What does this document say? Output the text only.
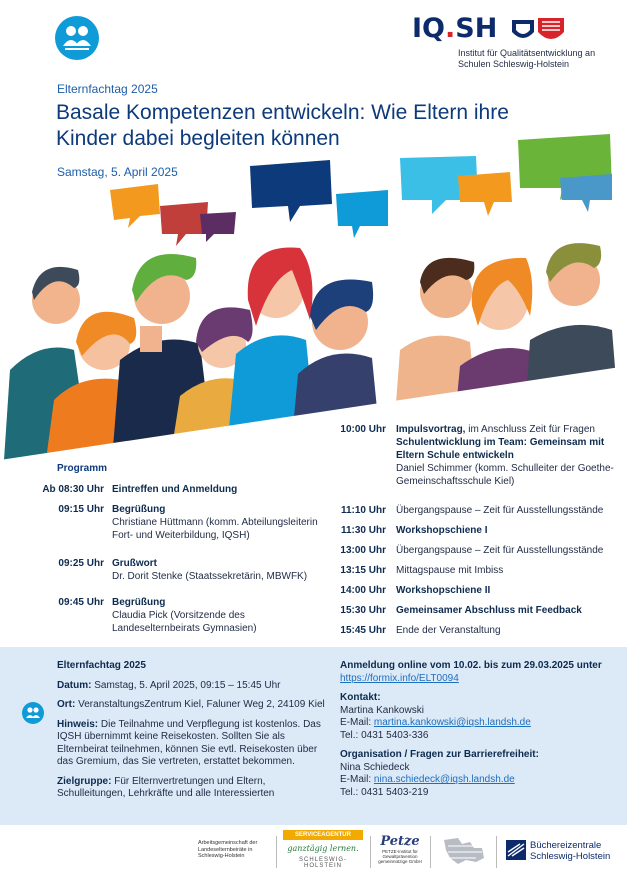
IQ.SH
Institut für Qualitätsentwicklung an Schulen Schleswig-Holstein
Elternfachtag 2025
Basale Kompetenzen entwickeln: Wie Eltern ihre Kinder dabei begleiten können
Samstag, 5. April 2025
Programm
Ab 08:30 Uhr Eintreffen und Anmeldung
09:15 Uhr Begrüßung
Christiane Hüttmann (komm. Abteilungsleiterin Fort- und Weiterbildung, IQSH)
09:25 Uhr Grußwort
Dr. Dorit Stenke (Staatssekretärin, MBWFK)
09:45 Uhr Begrüßung
Claudia Pick (Vorsitzende des Landeselternbeirats Gymnasien)
10:00 Uhr Impulsvortrag, im Anschluss Zeit für Fragen
Schulentwicklung im Team: Gemeinsam mit Eltern Schule entwickeln
Daniel Schimmer (komm. Schulleiter der Goethe-Gemeinschaftsschule Kiel)
11:10 Uhr Übergangspause – Zeit für Ausstellungsstände
11:30 Uhr Workshopschiene I
13:00 Uhr Übergangspause – Zeit für Ausstellungsstände
13:15 Uhr Mittagspause mit Imbiss
14:00 Uhr Workshopschiene II
15:30 Uhr Gemeinsamer Abschluss mit Feedback
15:45 Uhr Ende der Veranstaltung

Elternfachtag 2025

Datum: Samstag, 5. April 2025, 09:15 – 15:45 Uhr

Ort: VeranstaltungsZentrum Kiel, Faluner Weg 2, 24109 Kiel

Hinweis: Die Teilnahme und Verpflegung ist kostenlos. Das IQSH übernimmt keine Reisekosten. Sollten Sie als Elternbeirat teilnehmen, können Sie evtl. Reisekosten über das Gremium, das Sie vertreten, erstattet bekommen.

Zielgruppe: Für Elternvertretungen und Eltern, Schulleitungen, Lehrkräfte und alle Interessierten

Anmeldung online vom 10.02. bis zum 29.03.2025 unter
https://formix.info/ELT0094

Kontakt:
Martina Kankowski
E-Mail: martina.kankowski@iqsh.landsh.de
Tel.: 0431 5403-336

Organisation / Fragen zur Barrierefreiheit:
Nina Schiedeck
E-Mail: nina.schiedeck@iqsh.landsh.de
Tel.: 0431 5403-219

Arbeitsgemeinschaft der Landeselternbeiräte in Schleswig-Holstein
SERVICEAGENTUR
ganztägig lernen.
SCHLESWIG-HOLSTEIN
Petze
PETZE-Institut für Gewaltprävention gemeinnützige GmbH
Büchereizentrale Schleswig-Holstein
